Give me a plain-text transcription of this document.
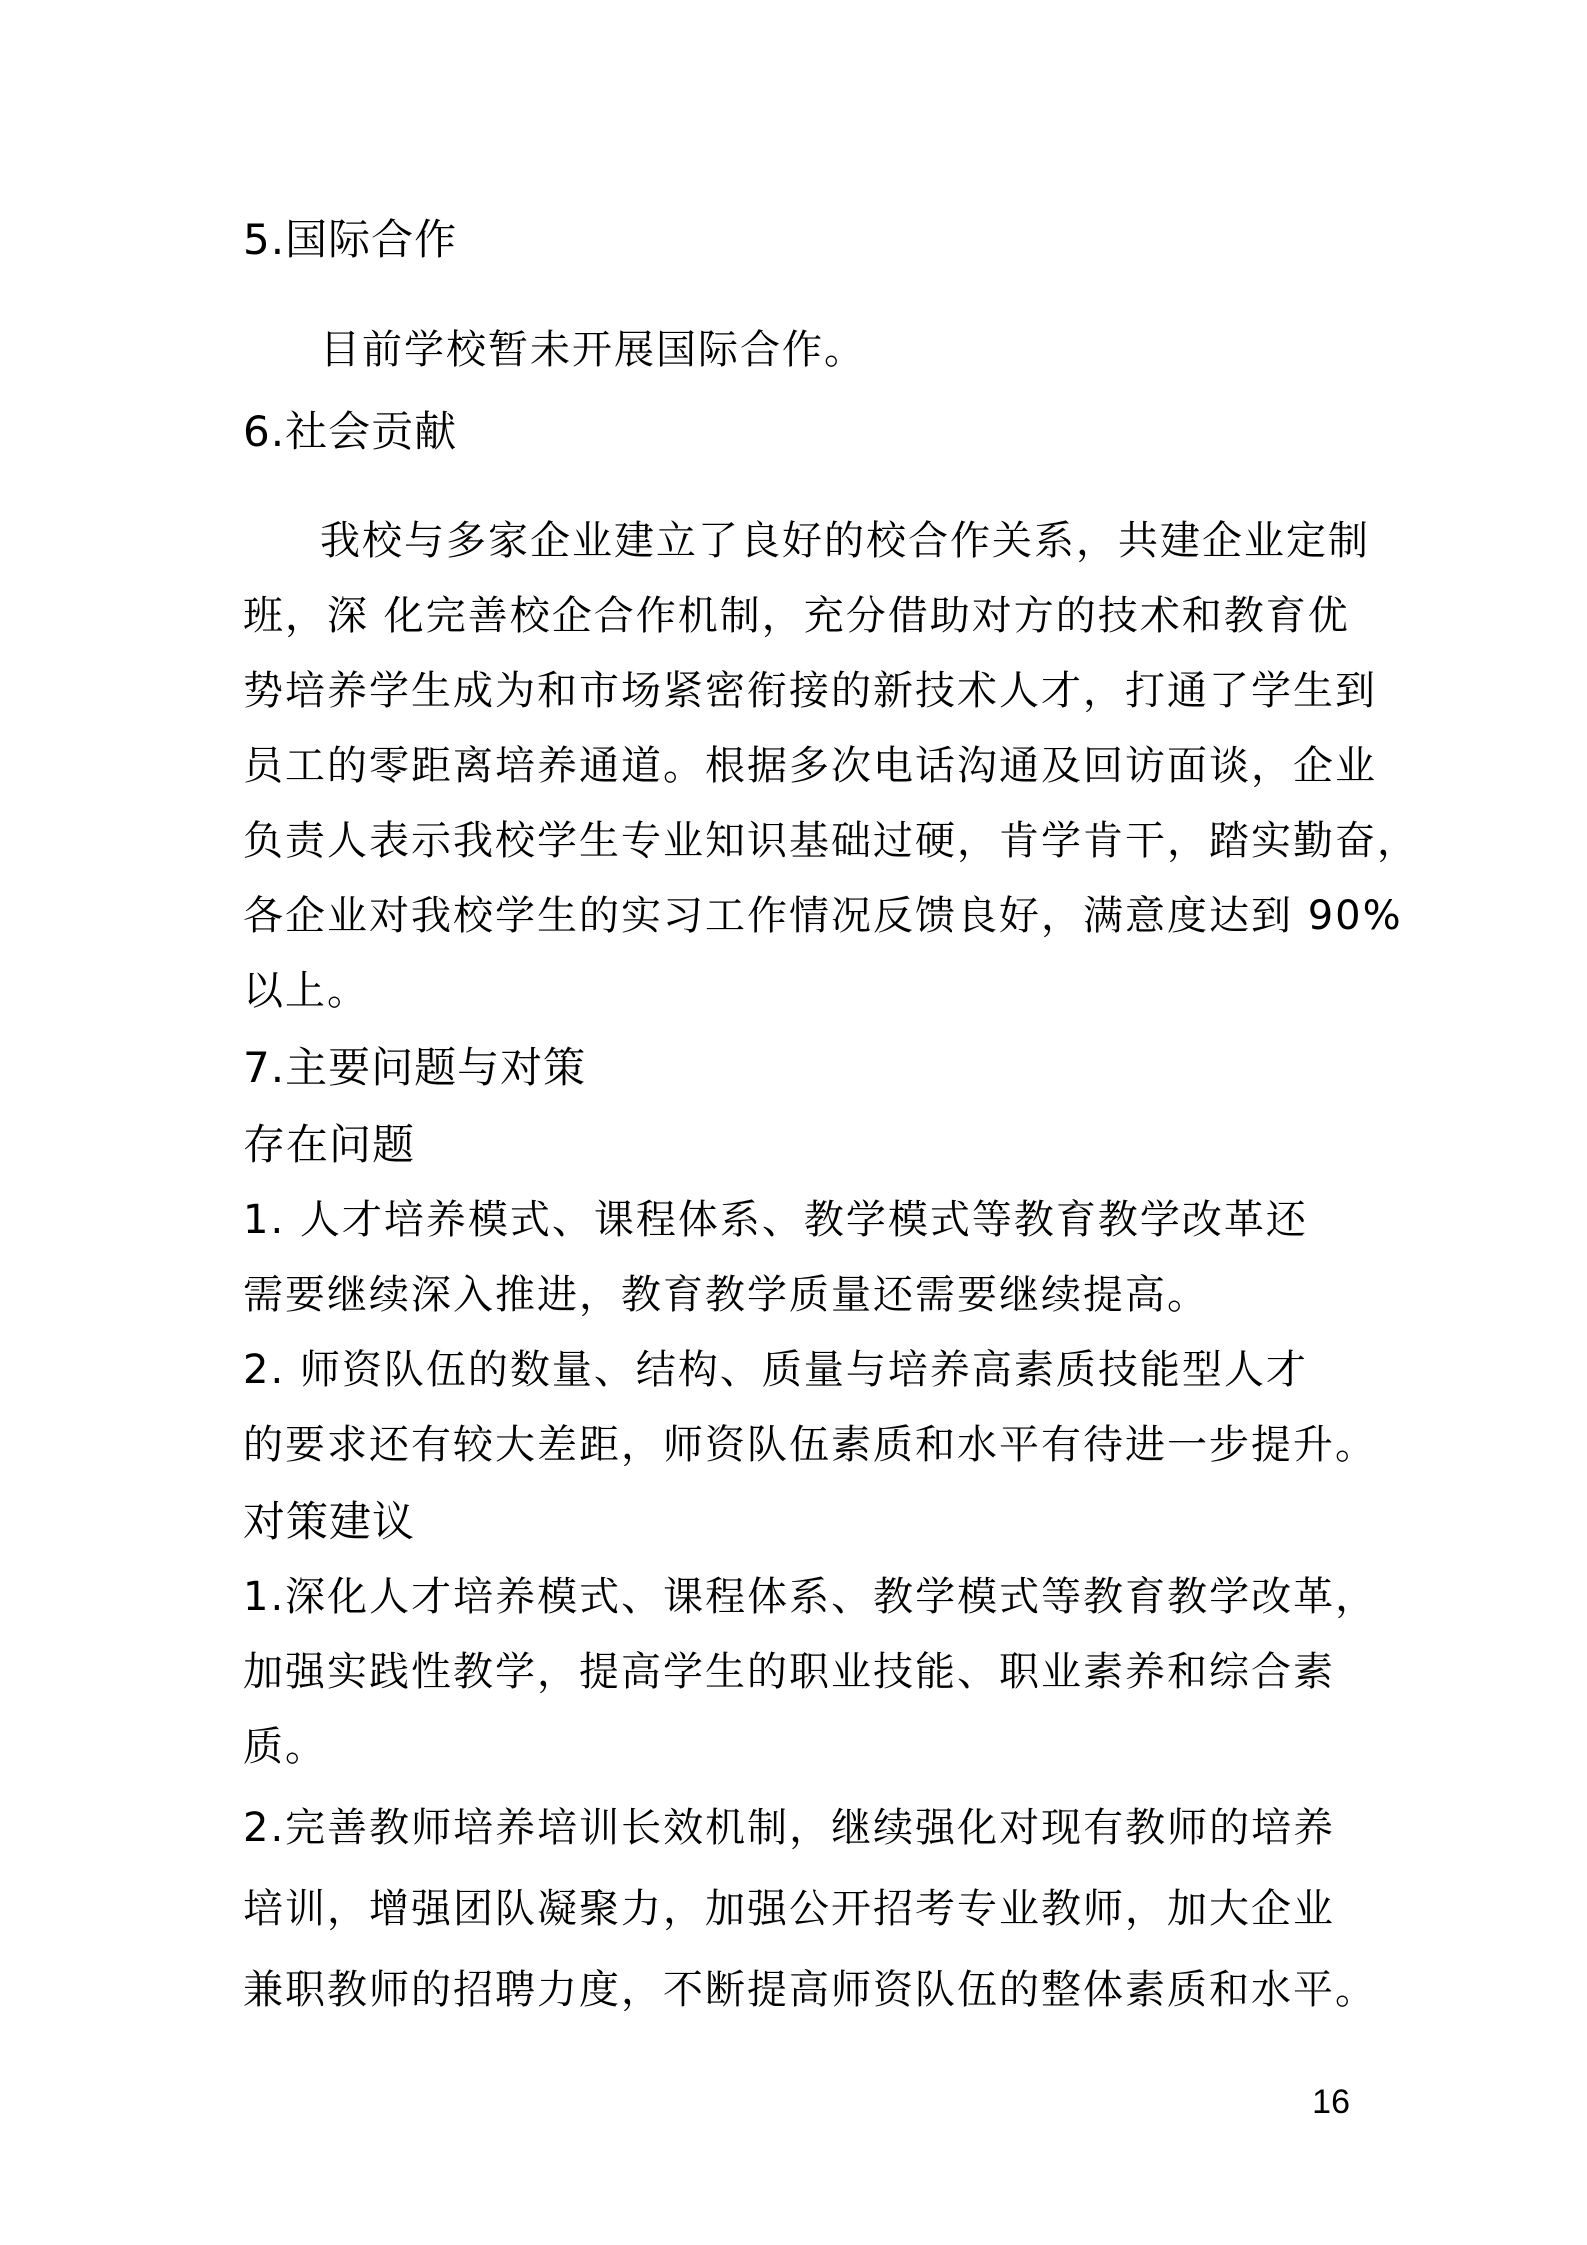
5.国际合作
目前学校暂未开展国际合作。
6.社会贡献
我校与多家企业建立了良好的校合作关系，共建企业定制
班，深 化完善校企合作机制，充分借助对方的技术和教育优
势培养学生成为和市场紧密衔接的新技术人才，打通了学生到
员工的零距离培养通道。根据多次电话沟通及回访面谈，企业
负责人表示我校学生专业知识基础过硬，肯学肯干，踏实勤奋，
各企业对我校学生的实习工作情况反馈良好，满意度达到 90%
以上。
7.主要问题与对策
存在问题
1. 人才培养模式、课程体系、教学模式等教育教学改革还
需要继续深入推进，教育教学质量还需要继续提高。
2. 师资队伍的数量、结构、质量与培养高素质技能型人才
的要求还有较大差距，师资队伍素质和水平有待进一步提升。
对策建议
1.深化人才培养模式、课程体系、教学模式等教育教学改革，
加强实践性教学，提高学生的职业技能、职业素养和综合素
质。
2.完善教师培养培训长效机制，继续强化对现有教师的培养
培训，增强团队凝聚力，加强公开招考专业教师，加大企业
兼职教师的招聘力度，不断提高师资队伍的整体素质和水平。
16
